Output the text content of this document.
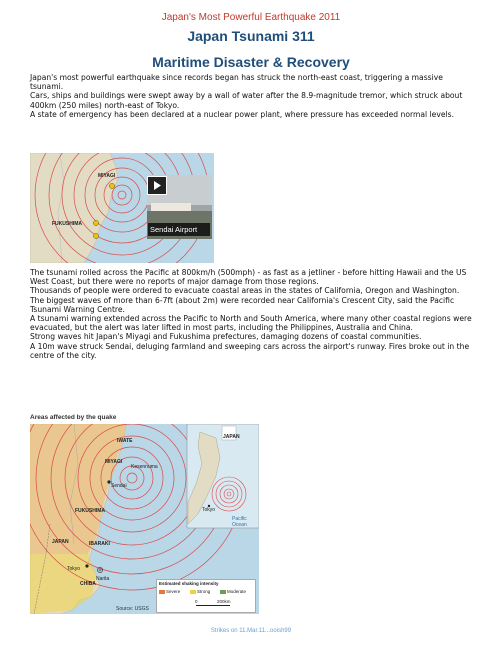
Japan's Most Powerful Earthquake 2011
Japan Tsunami 311
Maritime Disaster & Recovery

Japan's most powerful earthquake since records began has struck the north-east coast, triggering a massive tsunami.

Cars, ships and buildings were swept away by a wall of water after the 8.9-magnitude tremor, which struck about 400km (250 miles) north-east of Tokyo.

A state of emergency has been declared at a nuclear power plant, where pressure has exceeded normal levels.

MIYAGI
FUKUSHIMA
Sendai Airport

The tsunami rolled across the Pacific at 800km/h (500mph) - as fast as a jetliner - before hitting Hawaii and the US West Coast, but there were no reports of major damage from those regions.

Thousands of people were ordered to evacuate coastal areas in the states of California, Oregon and Washington.

The biggest waves of more than 6-7ft (about 2m) were recorded near California's Crescent City, said the Pacific Tsunami Warning Centre.

A tsunami warning extended across the Pacific to North and South America, where many other coastal regions were evacuated, but the alert was later lifted in most parts, including the Philippines, Australia and China.

Strong waves hit Japan's Miyagi and Fukushima prefectures, damaging dozens of coastal communities.

A 10m wave struck Sendai, deluging farmland and sweeping cars across the airport's runway. Fires broke out in the centre of the city.

Areas affected by the quake
IWATE
MIYAGI
Kesennuma
Sendai
FUKUSHIMA
JAPAN	IBARAKI
Tokyo
Narita
CHIBA
JAPAN
Tokyo
Pacific Ocean
Estimated shaking intensity
Severe	Strong	Moderate
0	200km
Source: USGS
Strikes on 11.Mar.11...ooish99
